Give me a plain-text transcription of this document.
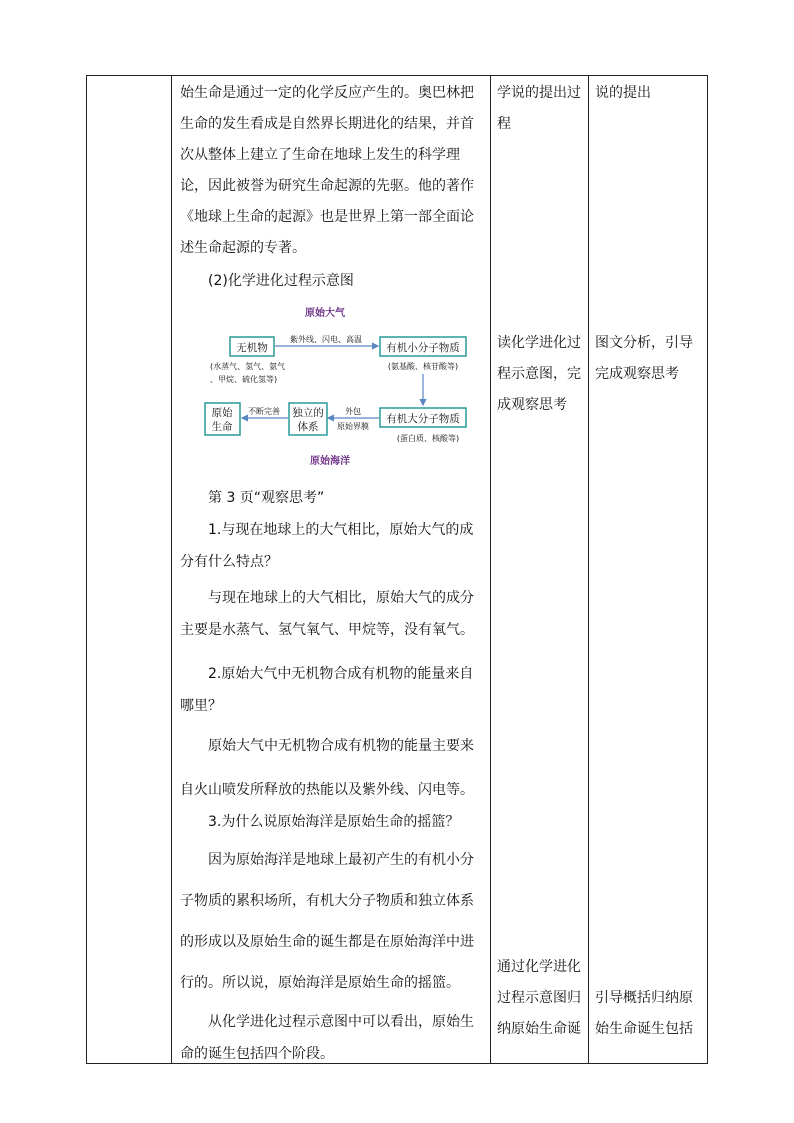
始生命是通过一定的化学反应产生的。奥巴林把生命的发生看成是自然界长期进化的结果，并首次从整体上建立了生命在地球上发生的科学理论，因此被誉为研究生命起源的先驱。他的著作《地球上生命的起源》也是世界上第一部全面论述生命起源的专著。

(2)化学进化过程示意图

第 3 页“观察思考”

1.与现在地球上的大气相比，原始大气的成分有什么特点？

与现在地球上的大气相比，原始大气的成分主要是水蒸气、氢气氧气、甲烷等，没有氧气。

2.原始大气中无机物合成有机物的能量来自哪里？

原始大气中无机物合成有机物的能量主要来自火山喷发所释放的热能以及紫外线、闪电等。

3.为什么说原始海洋是原始生命的摇篮？

因为原始海洋是地球上最初产生的有机小分子物质的累积场所，有机大分子物质和独立体系的形成以及原始生命的诞生都是在原始海洋中进行的。所以说，原始海洋是原始生命的摇篮。

从化学进化过程示意图中可以看出，原始生命的诞生包括四个阶段。

学说的提出过程

读化学进化过程示意图，完成观察思考

通过化学进化过程示意图归纳原始生命诞

说的提出

图文分析，引导完成观察思考

引导概括归纳原始生命诞生包括

原始大气
无机物
(水蒸气、氢气、氨气
、甲烷、硫化氢等)
紫外线、闪电、高温
有机小分子物质
(氨基酸、核苷酸等)
有机大分子物质
(蛋白质、核酸等)
外包
原始界膜
独立的
体系
不断完善
原始
生命
原始海洋
